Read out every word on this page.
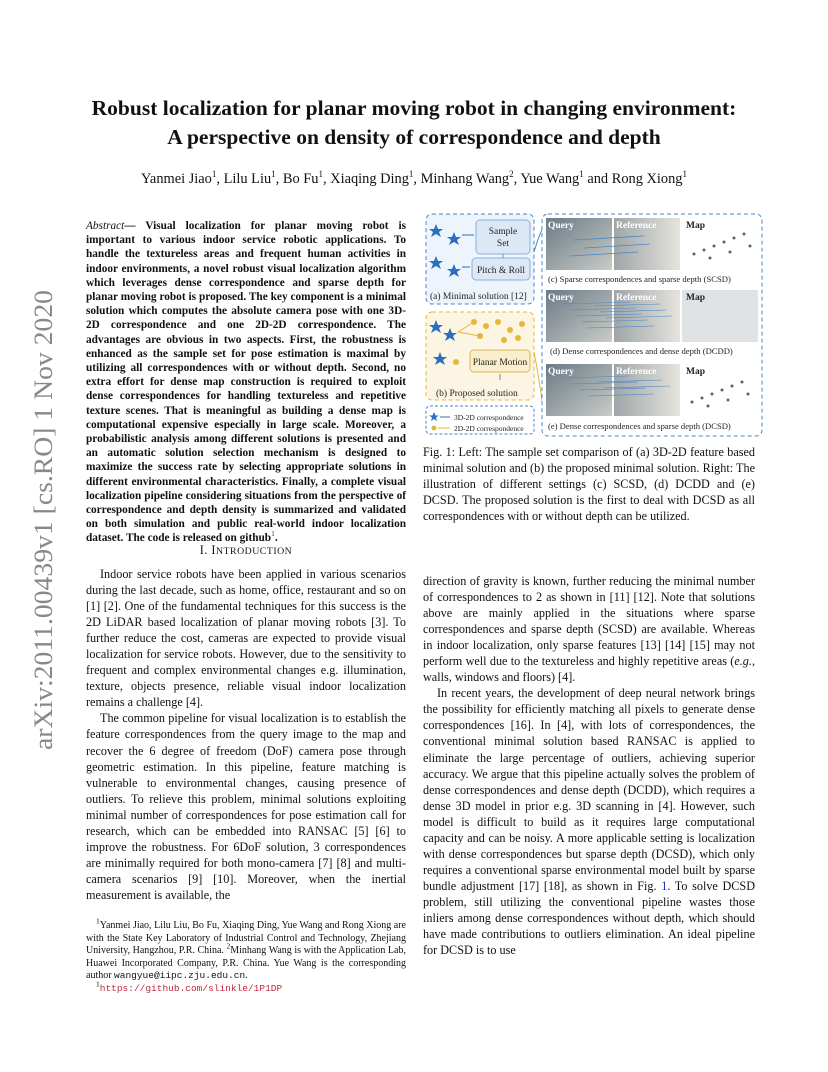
arXiv:2011.00439v1 [cs.RO] 1 Nov 2020
Robust localization for planar moving robot in changing environment:
A perspective on density of correspondence and depth
Yanmei Jiao$^1$, Lilu Liu$^1$, Bo Fu$^1$, Xiaqing Ding$^1$, Minhang Wang$^2$, Yue Wang$^1$ and Rong Xiong$^1$
Abstract— Visual localization for planar moving robot is important to various indoor service robotic applications. To handle the textureless areas and frequent human activities in indoor environments, a novel robust visual localization algorithm which leverages dense correspondence and sparse depth for planar moving robot is proposed. The key component is a minimal solution which computes the absolute camera pose with one 3D-2D correspondence and one 2D-2D correspondence. The advantages are obvious in two aspects. First, the robustness is enhanced as the sample set for pose estimation is maximal by utilizing all correspondences with or without depth. Second, no extra effort for dense map construction is required to exploit dense correspondences for handling textureless and repetitive texture scenes. That is meaningful as building a dense map is computational expensive especially in large scale. Moreover, a probabilistic analysis among different solutions is presented and an automatic solution selection mechanism is designed to maximize the success rate by selecting appropriate solutions in different environmental characteristics. Finally, a complete visual localization pipeline considering situations from the perspective of correspondence and depth density is summarized and validated on both simulation and public real-world indoor localization dataset. The code is released on github$^1$.
I. INTRODUCTION

Indoor service robots have been applied in various scenarios during the last decade, such as home, office, restaurant and so on [1] [2]. One of the fundamental techniques for this success is the 2D LiDAR based localization of planar moving robots [3]. To further reduce the cost, cameras are expected to provide visual localization for service robots. However, due to the sensitivity to frequent and complex environmental changes e.g. illumination, texture, objects presence, reliable visual indoor localization remains a challenge [4].

The common pipeline for visual localization is to establish the feature correspondences from the query image to the map and recover the 6 degree of freedom (DoF) camera pose through geometric estimation. In this pipeline, feature matching is vulnerable to environmental changes, causing presence of outliers. To relieve this problem, minimal solutions exploiting minimal number of correspondences for pose estimation call for research, which can be embedded into RANSAC [5] [6] to improve the robustness. For 6DoF solution, 3 correspondences are minimally required for both mono-camera [7] [8] and multi-camera scenarios [9] [10]. Moreover, when the inertial measurement is available, the

$^1$Yanmei Jiao, Lilu Liu, Bo Fu, Xiaqing Ding, Yue Wang and Rong Xiong are with the State Key Laboratory of Industrial Control and Technology, Zhejiang University, Hangzhou, P.R. China. $^2$Minhang Wang is with the Application Lab, Huawei Incorporated Company, P.R. China. Yue Wang is the corresponding author wangyue@iipc.zju.edu.cn.

$^1$https://github.com/slinkle/1P1DP

Sample
Set
Pitch & Roll
(a) Minimal solution [12]
Planar Motion
(b) Proposed solution
3D-2D correspondence
2D-2D correspondence
Query	Reference	Map
(c) Sparse correspondences and sparse depth (SCSD)
Query	Reference	Map
(d) Dense correspondences and dense depth (DCDD)
Query	Reference	Map
(e) Dense correspondences and sparse depth (DCSD)
Fig. 1: Left: The sample set comparison of (a) 3D-2D feature based minimal solution and (b) the proposed minimal solution. Right: The illustration of different settings (c) SCSD, (d) DCDD and (e) DCSD. The proposed solution is the first to deal with DCSD as all correspondences with or without depth can be utilized.

direction of gravity is known, further reducing the minimal number of correspondences to 2 as shown in [11] [12]. Note that solutions above are mainly applied in the situations where sparse correspondences and sparse depth (SCSD) are available. Whereas in indoor localization, only sparse features [13] [14] [15] may not perform well due to the textureless and highly repetitive areas (e.g., walls, windows and floors) [4].

In recent years, the development of deep neural network brings the possibility for efficiently matching all pixels to generate dense correspondences [16]. In [4], with lots of correspondences, the conventional minimal solution based RANSAC is applied to eliminate the large percentage of outliers, achieving superior accuracy. We argue that this pipeline actually solves the problem of dense correspondences and dense depth (DCDD), which requires a dense 3D model in prior e.g. 3D scanning in [4]. However, such model is difficult to build as it requires large computational capacity and can be noisy. A more applicable setting is localization with dense correspondences but sparse depth (DCSD), which only requires a conventional sparse environmental model built by sparse bundle adjustment [17] [18], as shown in Fig. 1. To solve DCSD problem, still utilizing the conventional pipeline wastes those inliers among dense correspondences without depth, which should have made contributions to outliers elimination. An ideal pipeline for DCSD is to use
